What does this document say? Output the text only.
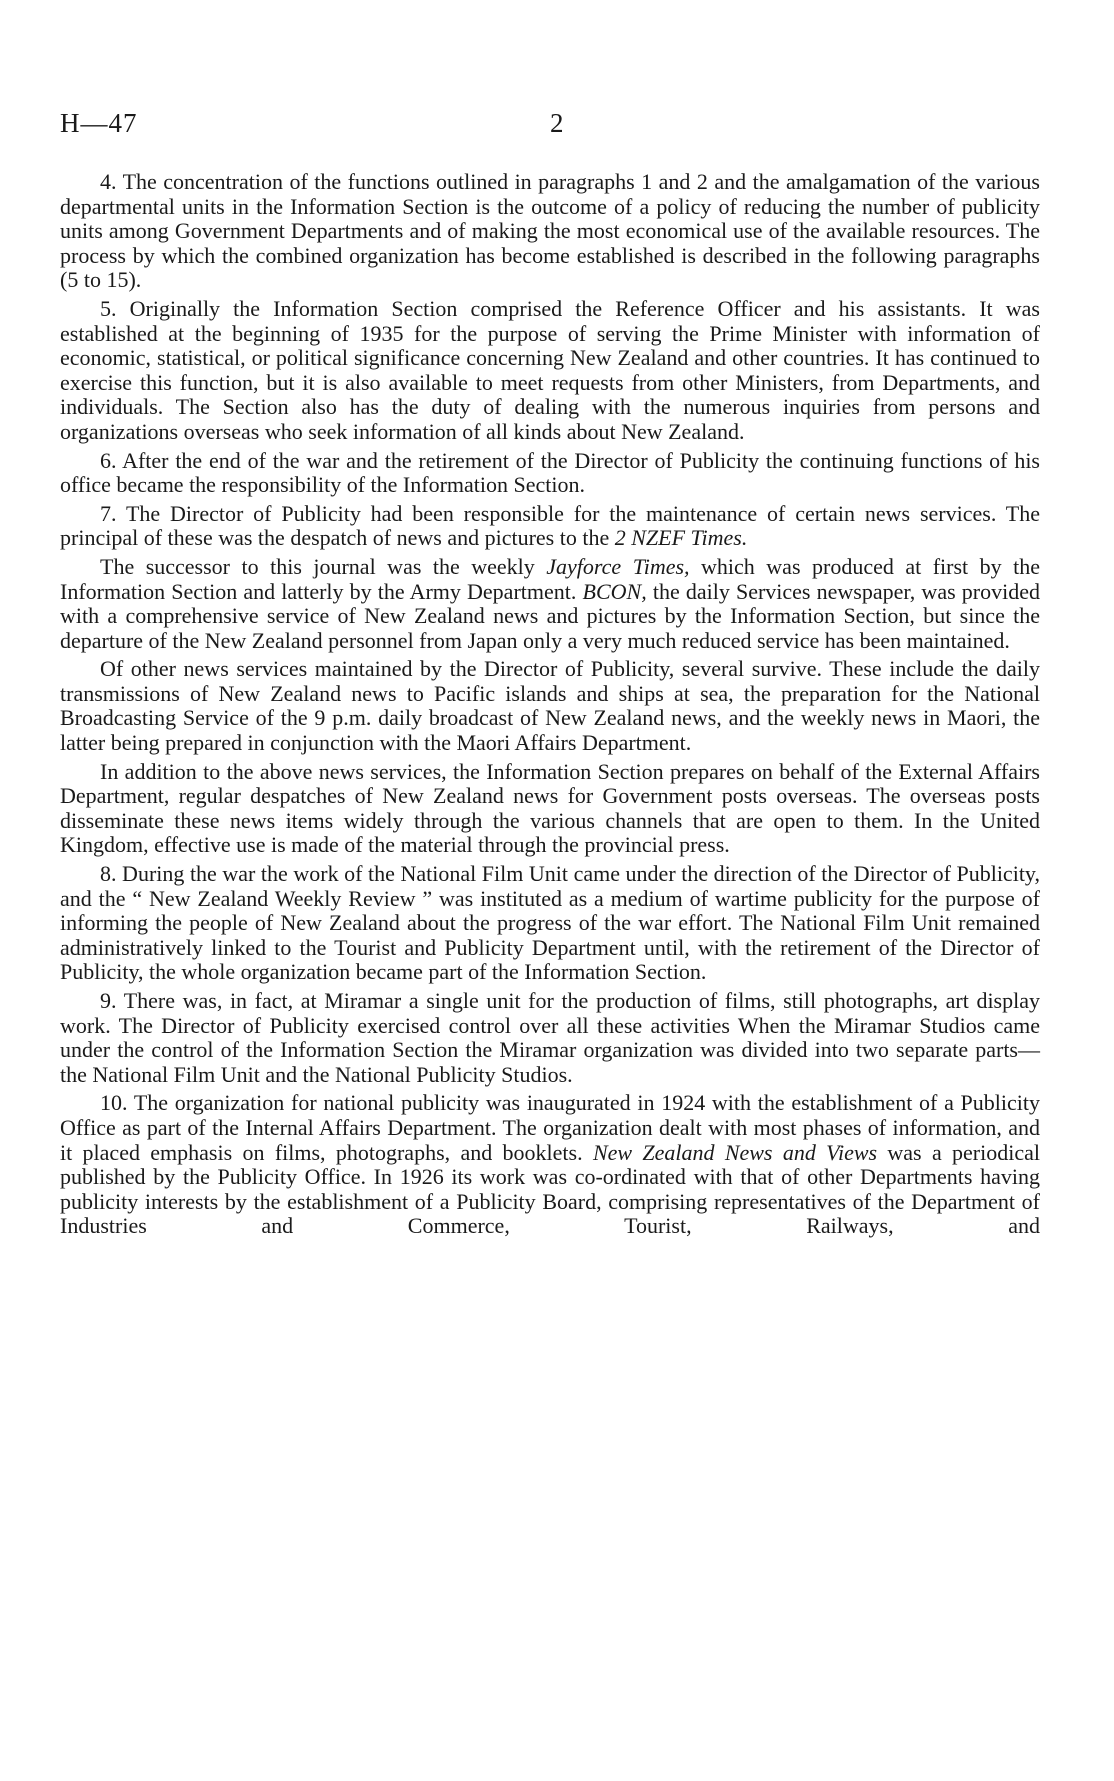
H—47	2

4. The concentration of the functions outlined in paragraphs 1 and 2 and the amalgamation of the various departmental units in the Information Section is the outcome of a policy of reducing the number of publicity units among Government Departments and of making the most economical use of the available resources. The process by which the combined organization has become established is described in the following paragraphs (5 to 15).

5. Originally the Information Section comprised the Reference Officer and his assistants. It was established at the beginning of 1935 for the purpose of serving the Prime Minister with information of economic, statistical, or political significance concerning New Zealand and other countries. It has continued to exercise this function, but it is also available to meet requests from other Ministers, from Departments, and individuals. The Section also has the duty of dealing with the numerous inquiries from persons and organizations overseas who seek information of all kinds about New Zealand.

6. After the end of the war and the retirement of the Director of Publicity the continuing functions of his office became the responsibility of the Information Section.

7. The Director of Publicity had been responsible for the maintenance of certain news services. The principal of these was the despatch of news and pictures to the 2 NZEF Times.

The successor to this journal was the weekly Jayforce Times, which was produced at first by the Information Section and latterly by the Army Department. BCON, the daily Services newspaper, was provided with a comprehensive service of New Zealand news and pictures by the Information Section, but since the departure of the New Zealand personnel from Japan only a very much reduced service has been maintained.

Of other news services maintained by the Director of Publicity, several survive. These include the daily transmissions of New Zealand news to Pacific islands and ships at sea, the preparation for the National Broadcasting Service of the 9 p.m. daily broadcast of New Zealand news, and the weekly news in Maori, the latter being prepared in conjunction with the Maori Affairs Department.

In addition to the above news services, the Information Section prepares on behalf of the External Affairs Department, regular despatches of New Zealand news for Government posts overseas. The overseas posts disseminate these news items widely through the various channels that are open to them. In the United Kingdom, effective use is made of the material through the provincial press.

8. During the war the work of the National Film Unit came under the direction of the Director of Publicity, and the “ New Zealand Weekly Review ” was instituted as a medium of wartime publicity for the purpose of informing the people of New Zealand about the progress of the war effort. The National Film Unit remained administratively linked to the Tourist and Publicity Department until, with the retirement of the Director of Publicity, the whole organization became part of the Information Section.

9. There was, in fact, at Miramar a single unit for the production of films, still photographs, art display work. The Director of Publicity exercised control over all these activities When the Miramar Studios came under the control of the Information Section the Miramar organization was divided into two separate parts—the National Film Unit and the National Publicity Studios.

10. The organization for national publicity was inaugurated in 1924 with the establishment of a Publicity Office as part of the Internal Affairs Department. The organization dealt with most phases of information, and it placed emphasis on films, photographs, and booklets. New Zealand News and Views was a periodical published by the Publicity Office. In 1926 its work was co-ordinated with that of other Departments having publicity interests by the establishment of a Publicity Board, comprising representatives of the Department of Industries and Commerce, Tourist, Railways, and
